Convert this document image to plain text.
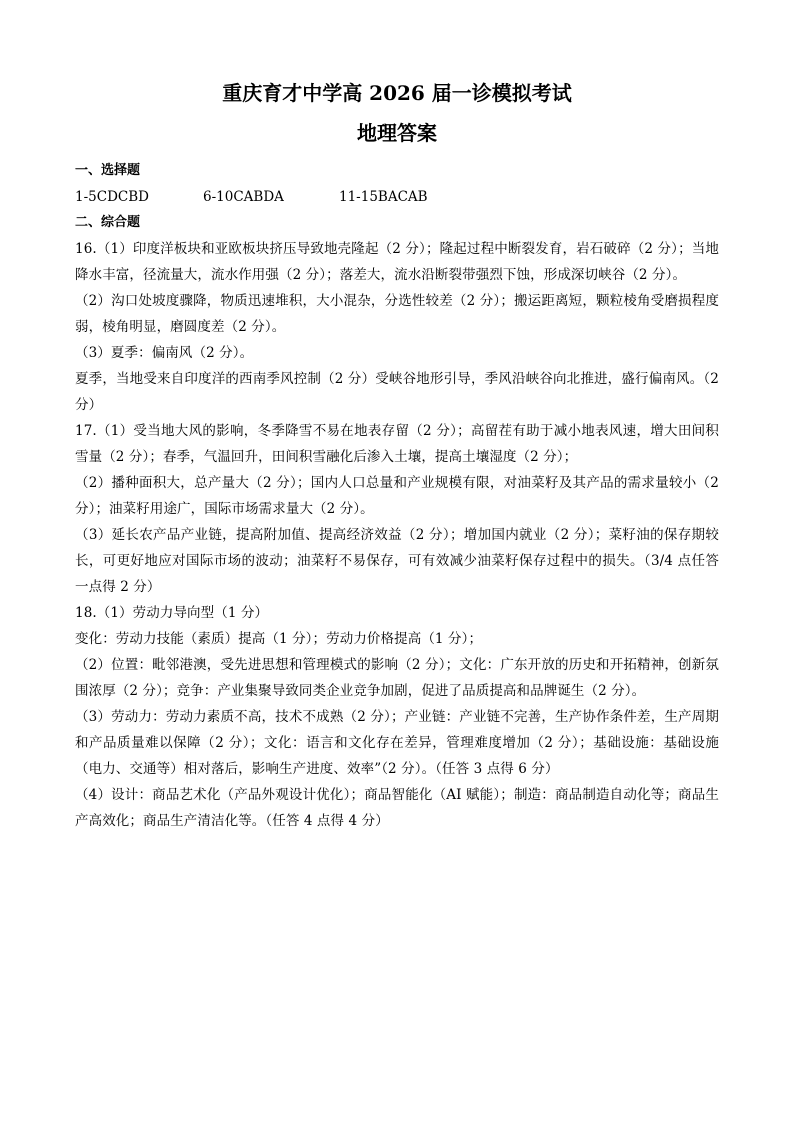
重庆育才中学高 2026 届一诊模拟考试
地理答案
一、选择题
1-5CDCBD	6-10CABDA	11-15BACAB
二、综合题

16.（1）印度洋板块和亚欧板块挤压导致地壳隆起（2 分）；隆起过程中断裂发育，岩石破碎（2 分）；当地降水丰富，径流量大，流水作用强（2 分）；落差大，流水沿断裂带强烈下蚀，形成深切峡谷（2 分）。

（2）沟口处坡度骤降，物质迅速堆积，大小混杂，分选性较差（2 分）；搬运距离短，颗粒棱角受磨损程度弱，棱角明显，磨圆度差（2 分）。

（3）夏季：偏南风（2 分）。

夏季，当地受来自印度洋的西南季风控制（2 分）受峡谷地形引导，季风沿峡谷向北推进，盛行偏南风。（2 分）

17.（1）受当地大风的影响，冬季降雪不易在地表存留（2 分）；高留茬有助于减小地表风速，增大田间积雪量（2 分）；春季，气温回升，田间积雪融化后渗入土壤，提高土壤湿度（2 分）；

（2）播种面积大，总产量大（2 分）；国内人口总量和产业规模有限，对油菜籽及其产品的需求量较小（2 分）；油菜籽用途广，国际市场需求量大（2 分）。

（3）延长农产品产业链，提高附加值、提高经济效益（2 分）；增加国内就业（2 分）；菜籽油的保存期较长，可更好地应对国际市场的波动；油菜籽不易保存，可有效减少油菜籽保存过程中的损失。（3/4 点任答一点得 2 分）

18.（1）劳动力导向型（1 分）

变化：劳动力技能（素质）提高（1 分）；劳动力价格提高（1 分）；

（2）位置：毗邻港澳，受先进思想和管理模式的影响（2 分）；文化：广东开放的历史和开拓精神，创新氛围浓厚（2 分）；竞争：产业集聚导致同类企业竞争加剧，促进了品质提高和品牌诞生（2 分）。

（3）劳动力：劳动力素质不高，技术不成熟（2 分）；产业链：产业链不完善，生产协作条件差，生产周期和产品质量难以保障（2 分）；文化：语言和文化存在差异，管理难度增加（2 分）；基础设施：基础设施（电力、交通等）相对落后，影响生产进度、效率”（2 分）。（任答 3 点得 6 分）

（4）设计：商品艺术化（产品外观设计优化）；商品智能化（AI 赋能）；制造：商品制造自动化等；商品生产高效化；商品生产清洁化等。（任答 4 点得 4 分）
